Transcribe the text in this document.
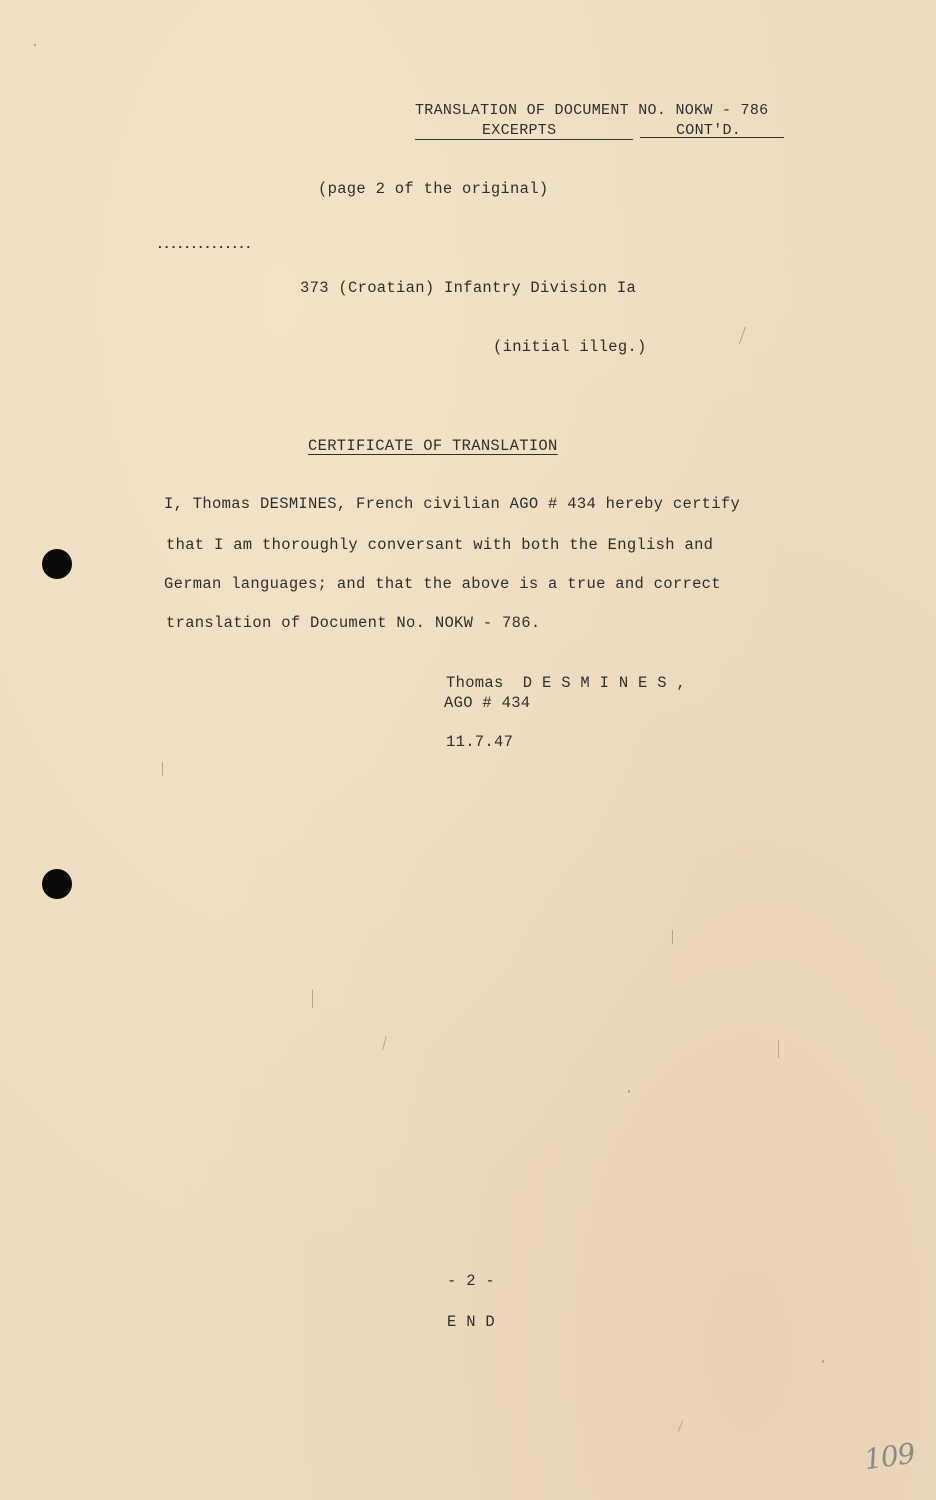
TRANSLATION OF DOCUMENT NO. NOKW - 786
EXCERPTS	CONT'D.
(page 2 of the original)
..............
373 (Croatian) Infantry Division Ia
(initial illeg.)
CERTIFICATE OF TRANSLATION
I, Thomas DESMINES, French civilian AGO # 434 hereby certify
that I am thoroughly conversant with both the English and
German languages; and that the above is a true and correct
translation of Document No. NOKW - 786.
Thomas  D E S M I N E S ,
AGO # 434
11.7.47
- 2 -
E N D
109
